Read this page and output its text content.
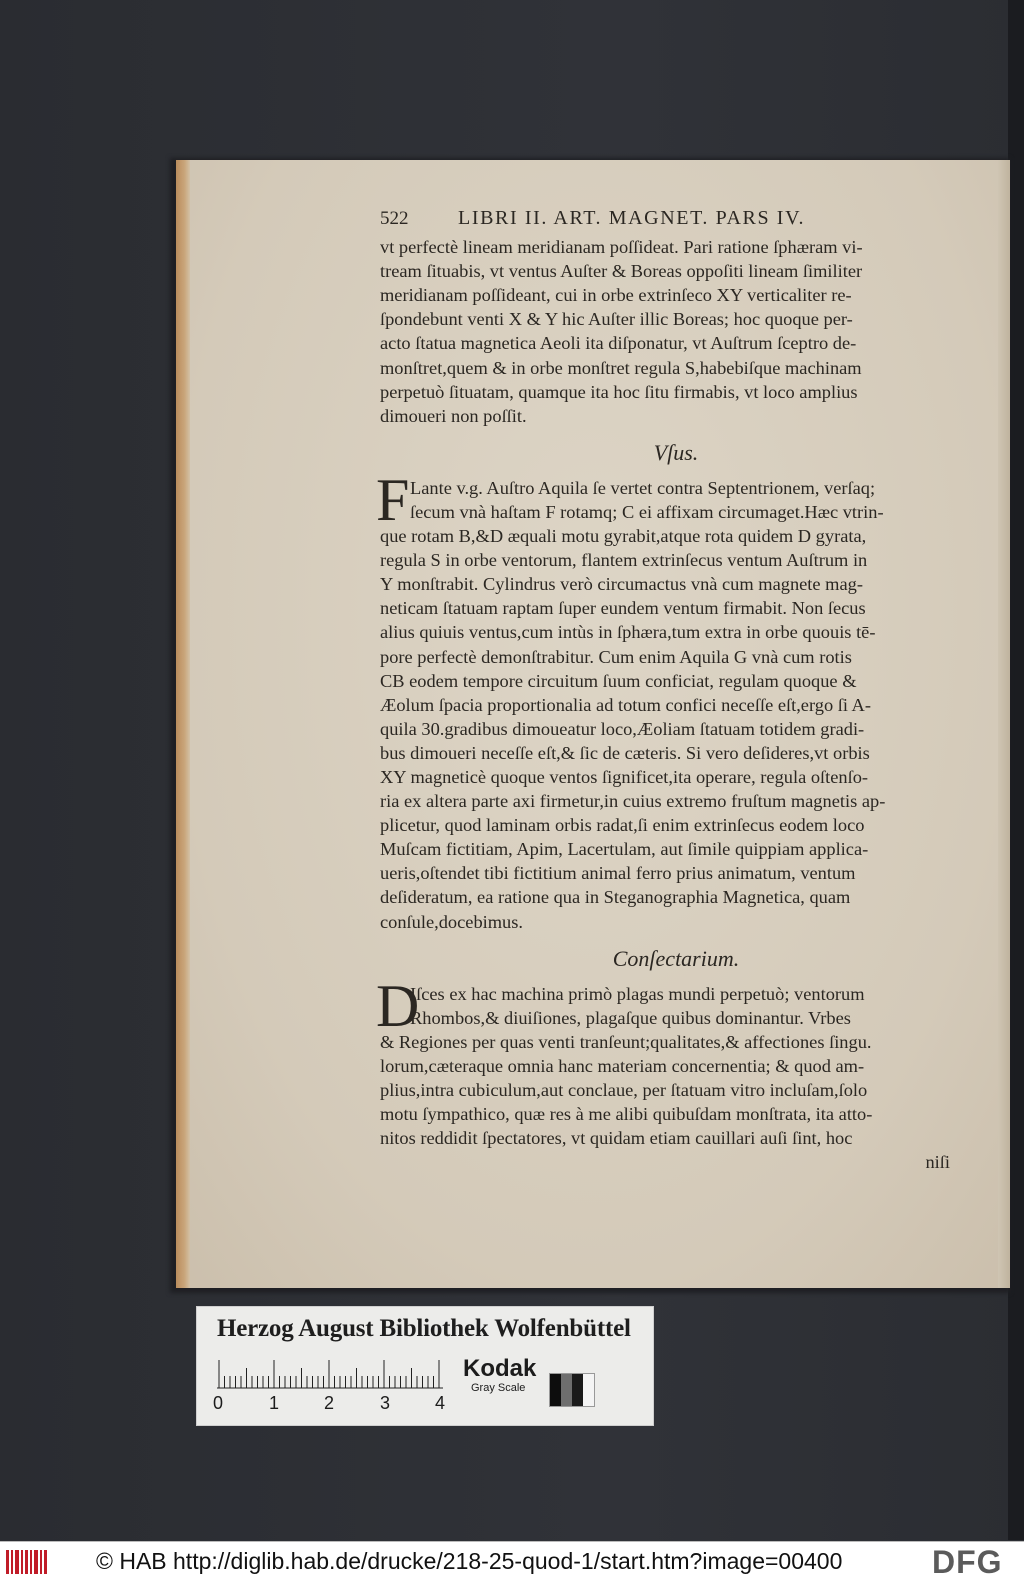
522	LIBRI II. ART. MAGNET. PARS IV.
vt perfectè lineam meridianam poſſideat. Pari ratione ſphæram vi-
tream ſituabis, vt ventus Auſter & Boreas oppoſiti lineam ſimiliter
meridianam poſſideant, cui in orbe extrinſeco XY verticaliter re-
ſpondebunt venti X & Y hic Auſter illic Boreas; hoc quoque per-
acto ſtatua magnetica Aeoli ita diſponatur, vt Auſtrum ſceptro de-
monſtret,quem & in orbe monſtret regula S,habebiſque machinam
perpetuò ſituatam, quamque ita hoc ſitu firmabis, vt loco amplius
dimoueri non poſſit.
Vſus.
F Lante v.g. Auſtro Aquila ſe vertet contra Septentrionem, verſaq;
ſecum vnà haſtam F rotamq; C ei affixam circumaget.Hæc vtrin-
que rotam B,&D æquali motu gyrabit,atque rota quidem D gyrata,
regula S in orbe ventorum, flantem extrinſecus ventum Auſtrum in
Y monſtrabit. Cylindrus verò circumactus vnà cum magnete mag-
neticam ſtatuam raptam ſuper eundem ventum firmabit. Non ſecus
alius quiuis ventus,cum intùs in ſphæra,tum extra in orbe quouis tē-
pore perfectè demonſtrabitur. Cum enim Aquila G vnà cum rotis
CB eodem tempore circuitum ſuum conficiat, regulam quoque &
Æolum ſpacia proportionalia ad totum confici neceſſe eſt,ergo ſi A-
quila 30.gradibus dimoueatur loco,Æoliam ſtatuam totidem gradi-
bus dimoueri neceſſe eſt,& ſic de cæteris. Si vero deſideres,vt orbis
XY magneticè quoque ventos ſignificet,ita operare, regula oſtenſo-
ria ex altera parte axi firmetur,in cuius extremo fruſtum magnetis ap-
plicetur, quod laminam orbis radat,ſi enim extrinſecus eodem loco
Muſcam fictitiam, Apim, Lacertulam, aut ſimile quippiam applica-
ueris,oſtendet tibi fictitium animal ferro prius animatum, ventum
deſideratum, ea ratione qua in Steganographia Magnetica, quam
conſule,docebimus.
Conſectarium.
D
Iſces ex hac machina primò plagas mundi perpetuò; ventorum
Rhombos,& diuiſiones, plagaſque quibus dominantur. Vrbes
& Regiones per quas venti tranſeunt;qualitates,& affectiones ſingu.
lorum,cæteraque omnia hanc materiam concernentia; & quod am-
plius,intra cubiculum,aut conclaue, per ſtatuam vitro incluſam,ſolo
motu ſympathico, quæ res à me alibi quibuſdam monſtrata, ita atto-
nitos reddidit ſpectatores, vt quidam etiam cauillari auſi ſint, hoc
niſi
Herzog August Bibliothek Wolfenbüttel
0	1 2	3 4
Kodak
Gray Scale
© HAB http://diglib.hab.de/drucke/218-25-quod-1/start.htm?image=00400	DFG
